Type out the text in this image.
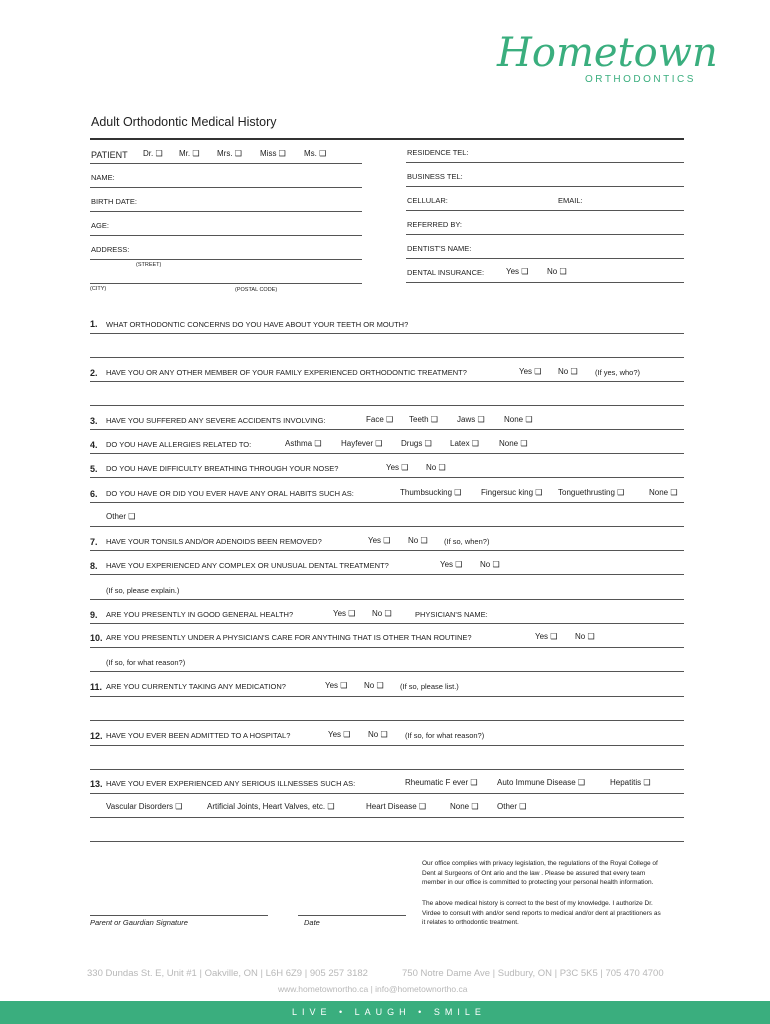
Hometown
ORTHODONTICS
Adult Orthodontic Medical History
PATIENT Dr. ❑ Mr. ❑ Mrs. ❑ Miss ❑ Ms. ❑
NAME:
BIRTH DATE:
AGE:
ADDRESS:
(STREET)
(CITY)	(POSTAL CODE)
RESIDENCE TEL:
BUSINESS TEL:
CELLULAR:	EMAIL:
REFERRED BY:
DENTIST'S NAME:
DENTAL INSURANCE:	Yes ❑ No ❑
1. WHAT ORTHODONTIC CONCERNS DO YOU HAVE ABOUT YOUR TEETH OR MOUTH?
2. HAVE YOU OR ANY OTHER MEMBER OF YOUR FAMILY EXPERIENCED ORTHODONTIC TREATMENT?	Yes ❑ No ❑ (If yes, who?)
3. HAVE YOU SUFFERED ANY SEVERE ACCIDENTS INVOLVING:	Face ❑ Teeth ❑ Jaws ❑ None ❑
4. DO YOU HAVE ALLERGIES RELATED TO:	Asthma ❑ Hayfever ❑ Drugs ❑ Latex ❑	None ❑
5. DO YOU HAVE DIFFICULTY BREATHING THROUGH YOUR NOSE?	Yes ❑ No ❑
6. DO YOU HAVE OR DID YOU EVER HAVE ANY ORAL HABITS SUCH AS:	Thumbsucking ❑ Fingersuc king ❑ Tonguethrusting ❑	None ❑
Other ❑
7. HAVE YOUR TONSILS AND/OR ADENOIDS BEEN REMOVED?	Yes ❑ No ❑ (If so, when?)
8. HAVE YOU EXPERIENCED ANY COMPLEX OR UNUSUAL DENTAL TREATMENT?	Yes ❑ No ❑
(If so, please explain.)
9. ARE YOU PRESENTLY IN GOOD GENERAL HEALTH?	Yes ❑ No ❑	PHYSICIAN'S NAME:
10. ARE YOU PRESENTLY UNDER A PHYSICIAN'S CARE FOR ANYTHING THAT IS OTHER THAN ROUTINE?	Yes ❑ No ❑
(If so, for what reason?)
11. ARE YOU CURRENTLY TAKING ANY MEDICATION?	Yes ❑ No ❑ (If so, please list.)
12. HAVE YOU EVER BEEN ADMITTED TO A HOSPITAL?	Yes ❑ No ❑ (If so, for what reason?)
13. HAVE YOU EVER EXPERIENCED ANY SERIOUS ILLNESSES SUCH AS:	Rheumatic F ever ❑ Auto Immune Disease ❑	Hepatitis ❑
Vascular Disorders ❑	Artificial Joints, Heart Valves, etc. ❑	Heart Disease ❑	None ❑ Other ❑
Parent or Gaurdian Signature	Date
Our office complies with privacy legislation, the regulations of the Royal College of Dent al Surgeons of Ont ario and the law . Please be assured that every team member in our office is committed to protecting your personal health information.
The above medical history is correct to the best of my knowledge. I authorize Dr. Virdee to consult with and/or send reports to medical and/or dent al practitioners as it relates to orthodontic treatment.
330 Dundas St. E, Unit #1 | Oakville, ON | L6H 6Z9 | 905 257 3182	750 Notre Dame Ave | Sudbury, ON | P3C 5K5 | 705 470 4700
www.hometownortho.ca | info@hometownortho.ca
LIVE • LAUGH • SMILE
